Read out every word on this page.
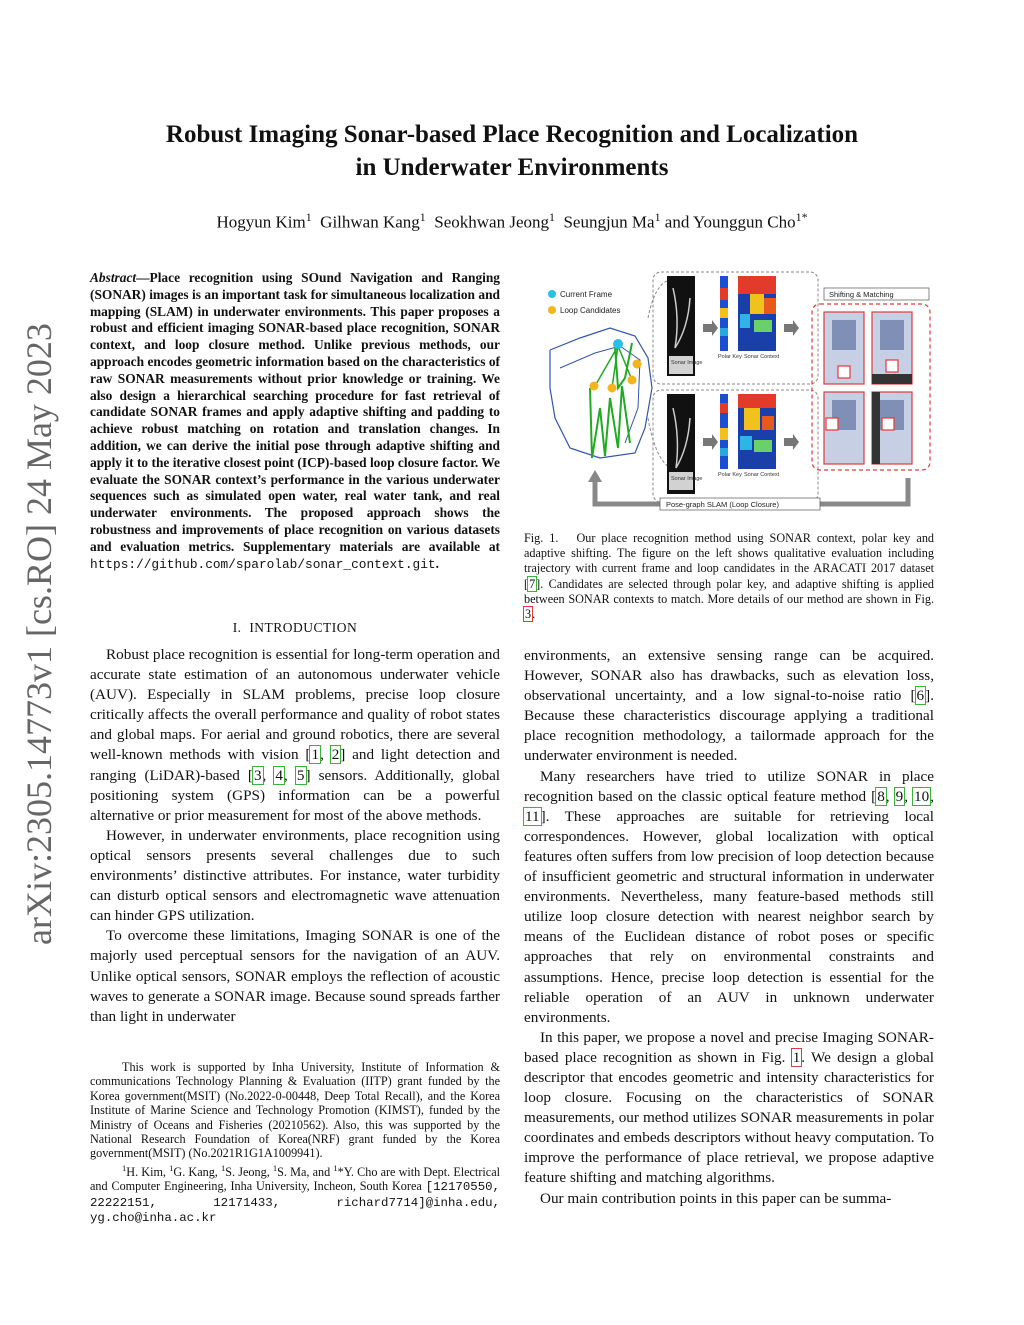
arXiv:2305.14773v1 [cs.RO] 24 May 2023
Robust Imaging Sonar-based Place Recognition and Localization
in Underwater Environments
Hogyun Kim$^1$ Gilhwan Kang$^1$ Seokhwan Jeong$^1$ Seungjun Ma$^1$ and Younggun Cho$^{1*}$
Abstract—Place recognition using SOund Navigation and Ranging (SONAR) images is an important task for simultaneous localization and mapping (SLAM) in underwater environments. This paper proposes a robust and efficient imaging SONAR-based place recognition, SONAR context, and loop closure method. Unlike previous methods, our approach encodes geometric information based on the characteristics of raw SONAR measurements without prior knowledge or training. We also design a hierarchical searching procedure for fast retrieval of candidate SONAR frames and apply adaptive shifting and padding to achieve robust matching on rotation and translation changes. In addition, we can derive the initial pose through adaptive shifting and apply it to the iterative closest point (ICP)-based loop closure factor. We evaluate the SONAR context’s performance in the various underwater sequences such as simulated open water, real water tank, and real underwater environments. The proposed approach shows the robustness and improvements of place recognition on various datasets and evaluation metrics. Supplementary materials are available at https://github.com/sparolab/sonar_context.git.
I. INTRODUCTION

Robust place recognition is essential for long-term operation and accurate state estimation of an autonomous underwater vehicle (AUV). Especially in SLAM problems, precise loop closure critically affects the overall performance and quality of robot states and global maps. For aerial and ground robotics, there are several well-known methods with vision [1, 2] and light detection and ranging (LiDAR)-based [3, 4, 5] sensors. Additionally, global positioning system (GPS) information can be a powerful alternative or prior measurement for most of the above methods.

However, in underwater environments, place recognition using optical sensors presents several challenges due to such environments’ distinctive attributes. For instance, water turbidity can disturb optical sensors and electromagnetic wave attenuation can hinder GPS utilization.

To overcome these limitations, Imaging SONAR is one of the majorly used perceptual sensors for the navigation of an AUV. Unlike optical sensors, SONAR employs the reflection of acoustic waves to generate a SONAR image. Because sound spreads farther than light in underwater

This work is supported by Inha University, Institute of Information & communications Technology Planning & Evaluation (IITP) grant funded by the Korea government(MSIT) (No.2022-0-00448, Deep Total Recall), and the Korea Institute of Marine Science and Technology Promotion (KIMST), funded by the Ministry of Oceans and Fisheries (20210562). Also, this was supported by the National Research Foundation of Korea(NRF) grant funded by the Korea government(MSIT) (No.2021R1G1A1009941).
$^1$H. Kim, $^1$G. Kang, $^1$S. Jeong, $^1$S. Ma, and $^1$*Y. Cho are with Dept. Electrical and Computer Engineering, Inha University, Incheon, South Korea [12170550, 22222151, 12171433, richard7714]@inha.edu, yg.cho@inha.ac.kr
Current Frame
Loop Candidates
Sonar Image
Polar Key Sonar Context
Sonar Image
Polar Key Sonar Context
Shifting & Matching
Pose-graph SLAM (Loop Closure)
Fig. 1. Our place recognition method using SONAR context, polar key and adaptive shifting. The figure on the left shows qualitative evaluation including trajectory with current frame and loop candidates in the ARACATI 2017 dataset [7]. Candidates are selected through polar key, and adaptive shifting is applied between SONAR contexts to match. More details of our method are shown in Fig. 3.

environments, an extensive sensing range can be acquired. However, SONAR also has drawbacks, such as elevation loss, observational uncertainty, and a low signal-to-noise ratio [6]. Because these characteristics discourage applying a traditional place recognition methodology, a tailormade approach for the underwater environment is needed.

Many researchers have tried to utilize SONAR in place recognition based on the classic optical feature method [8, 9, 10, 11]. These approaches are suitable for retrieving local correspondences. However, global localization with optical features often suffers from low precision of loop detection because of insufficient geometric and structural information in underwater environments. Nevertheless, many feature-based methods still utilize loop closure detection with nearest neighbor search by means of the Euclidean distance of robot poses or specific approaches that rely on environmental constraints and assumptions. Hence, precise loop detection is essential for the reliable operation of an AUV in unknown underwater environments.

In this paper, we propose a novel and precise Imaging SONAR-based place recognition as shown in Fig. 1. We design a global descriptor that encodes geometric and intensity characteristics for loop closure. Focusing on the characteristics of SONAR measurements, our method utilizes SONAR measurements in polar coordinates and embeds descriptors without heavy computation. To improve the performance of place retrieval, we propose adaptive feature shifting and matching algorithms.

Our main contribution points in this paper can be summa-
